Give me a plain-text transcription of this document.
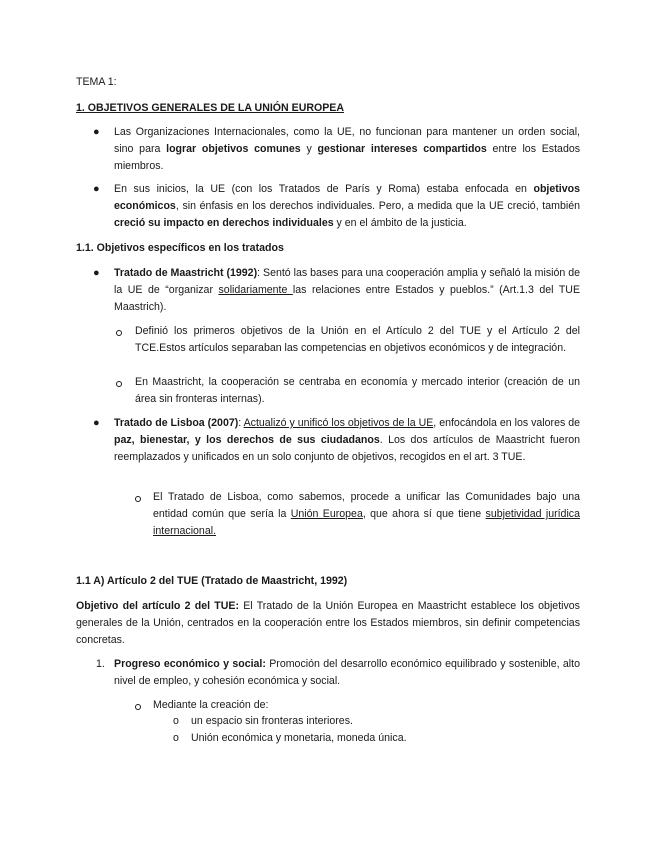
TEMA 1:
1. OBJETIVOS GENERALES DE LA UNIÓN EUROPEA
● Las Organizaciones Internacionales, como la UE, no funcionan para mantener un orden social, sino para lograr objetivos comunes y gestionar intereses compartidos entre los Estados miembros.
● En sus inicios, la UE (con los Tratados de París y Roma) estaba enfocada en objetivos económicos, sin énfasis en los derechos individuales. Pero, a medida que la UE creció, también creció su impacto en derechos individuales y en el ámbito de la justicia.
1.1. Objetivos específicos en los tratados
● Tratado de Maastricht (1992): Sentó las bases para una cooperación amplia y señaló la misión de la UE de “organizar solidariamente las relaciones entre Estados y pueblos.” (Art.1.3 del TUE Maastrich).
Definió los primeros objetivos de la Unión en el Artículo 2 del TUE y el Artículo 2 del TCE.Estos artículos separaban las competencias en objetivos económicos y de integración.
En Maastricht, la cooperación se centraba en economía y mercado interior (creación de un área sin fronteras internas).
● Tratado de Lisboa (2007): Actualizó y unificó los objetivos de la UE, enfocándola en los valores de paz, bienestar, y los derechos de sus ciudadanos. Los dos artículos de Maastricht fueron reemplazados y unificados en un solo conjunto de objetivos, recogidos en el art. 3 TUE.
El Tratado de Lisboa, como sabemos, procede a unificar las Comunidades bajo una entidad común que sería la Unión Europea, que ahora sí que tiene subjetividad jurídica internacional.
1.1 A) Artículo 2 del TUE (Tratado de Maastricht, 1992)
Objetivo del artículo 2 del TUE: El Tratado de la Unión Europea en Maastricht establece los objetivos generales de la Unión, centrados en la cooperación entre los Estados miembros, sin definir competencias concretas.
1. Progreso económico y social: Promoción del desarrollo económico equilibrado y sostenible, alto nivel de empleo, y cohesión económica y social.
Mediante la creación de:
o un espacio sin fronteras interiores.
o Unión económica y monetaria, moneda única.
